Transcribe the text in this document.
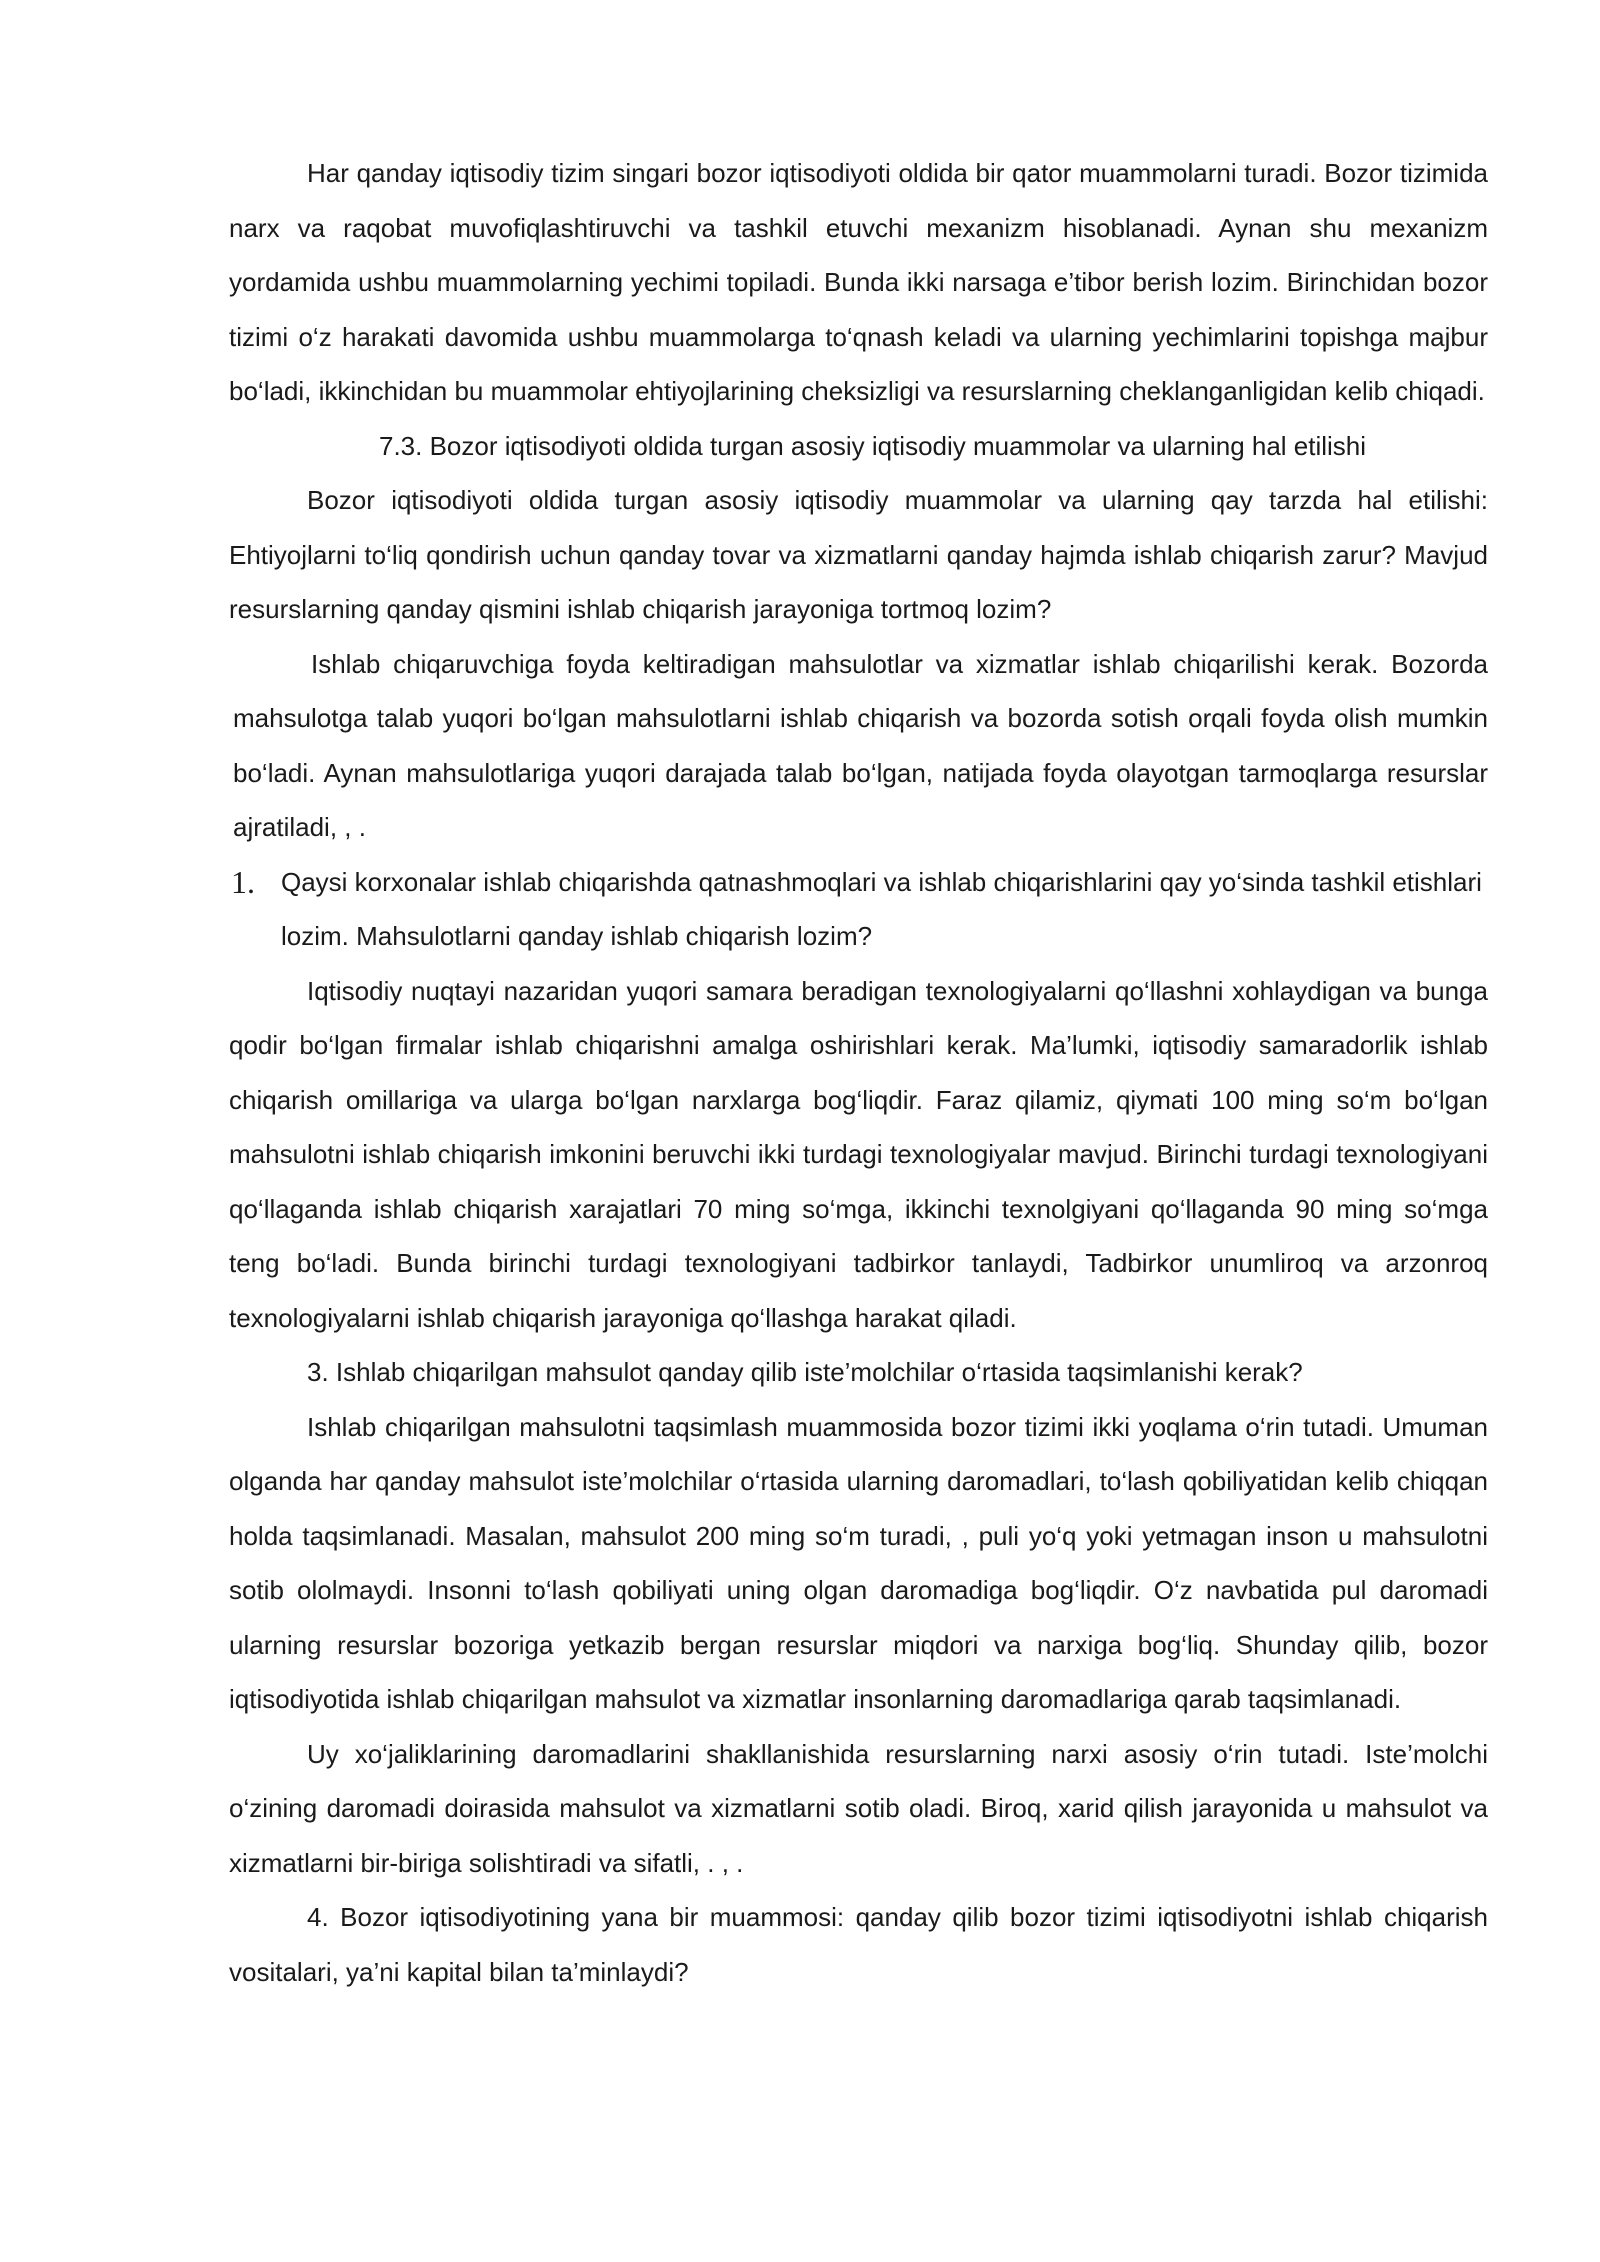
Har qanday iqtisodiy tizim singari bozor iqtisodiyoti oldida bir qator muammolarni turadi. Bozor tizimida narx va raqobat muvofiqlashtiruvchi va tashkil etuvchi mexanizm hisoblanadi. Aynan shu mexanizm yordamida ushbu muammolarning yechimi topiladi. Bunda ikki narsaga e’tibor berish lozim. Birinchidan bozor tizimi o‘z harakati davomida ushbu muammolarga to‘qnash keladi va ularning yechimlarini topishga majbur bo‘ladi, ikkinchidan bu muammolar ehtiyojlarining cheksizligi va resurslarning cheklanganligidan kelib chiqadi.

7.3. Bozor iqtisodiyoti oldida turgan asosiy iqtisodiy muammolar va ularning hal etilishi

Bozor iqtisodiyoti oldida turgan asosiy iqtisodiy muammolar va ularning qay tarzda hal etilishi: Ehtiyojlarni to‘liq qondirish uchun qanday tovar va xizmatlarni qanday hajmda ishlab chiqarish zarur? Mavjud resurslarning qanday qismini ishlab chiqarish jarayoniga tortmoq lozim?

Ishlab chiqaruvchiga foyda keltiradigan mahsulotlar va xizmatlar ishlab chiqarilishi kerak. Bozorda mahsulotga talab yuqori bo‘lgan mahsulotlarni ishlab chiqarish va bozorda sotish orqali foyda olish mumkin bo‘ladi. Aynan mahsulotlariga yuqori darajada talab bo‘lgan, natijada foyda olayotgan tarmoqlarga resurslar ajratiladi, , .

1. Qaysi korxonalar ishlab chiqarishda qatnashmoqlari va ishlab chiqarishlarini qay yo‘sinda tashkil etishlari lozim. Mahsulotlarni qanday ishlab chiqarish lozim?

Iqtisodiy nuqtayi nazaridan yuqori samara beradigan texnologiyalarni qo‘llashni xohlaydigan va bunga qodir bo‘lgan firmalar ishlab chiqarishni amalga oshirishlari kerak. Ma’lumki, iqtisodiy samaradorlik ishlab chiqarish omillariga va ularga bo‘lgan narxlarga bog‘liqdir. Faraz qilamiz, qiymati 100 ming so‘m bo‘lgan mahsulotni ishlab chiqarish imkonini beruvchi ikki turdagi texnologiyalar mavjud. Birinchi turdagi texnologiyani qo‘llaganda ishlab chiqarish xarajatlari 70 ming so‘mga, ikkinchi texnolgiyani qo‘llaganda 90 ming so‘mga teng bo‘ladi. Bunda birinchi turdagi texnologiyani tadbirkor tanlaydi, Tadbirkor unumliroq va arzonroq texnologiyalarni ishlab chiqarish jarayoniga qo‘llashga harakat qiladi.

3. Ishlab chiqarilgan mahsulot qanday qilib iste’molchilar o‘rtasida taqsimlanishi kerak?

Ishlab chiqarilgan mahsulotni taqsimlash muammosida bozor tizimi ikki yoqlama o‘rin tutadi. Umuman olganda har qanday mahsulot iste’molchilar o‘rtasida ularning daromadlari, to‘lash qobiliyatidan kelib chiqqan holda taqsimlanadi. Masalan, mahsulot 200 ming so‘m turadi, , puli yo‘q yoki yetmagan inson u mahsulotni sotib ololmaydi. Insonni to‘lash qobiliyati uning olgan daromadiga bog‘liqdir. O‘z navbatida pul daromadi ularning resurslar bozoriga yetkazib bergan resurslar miqdori va narxiga bog‘liq. Shunday qilib, bozor iqtisodiyotida ishlab chiqarilgan mahsulot va xizmatlar insonlarning daromadlariga qarab taqsimlanadi.

Uy xo‘jaliklarining daromadlarini shakllanishida resurslarning narxi asosiy o‘rin tutadi. Iste’molchi o‘zining daromadi doirasida mahsulot va xizmatlarni sotib oladi. Biroq, xarid qilish jarayonida u mahsulot va xizmatlarni bir-biriga solishtiradi va sifatli, . , .

4. Bozor iqtisodiyotining yana bir muammosi: qanday qilib bozor tizimi iqtisodiyotni ishlab chiqarish vositalari, ya’ni kapital bilan ta’minlaydi?
